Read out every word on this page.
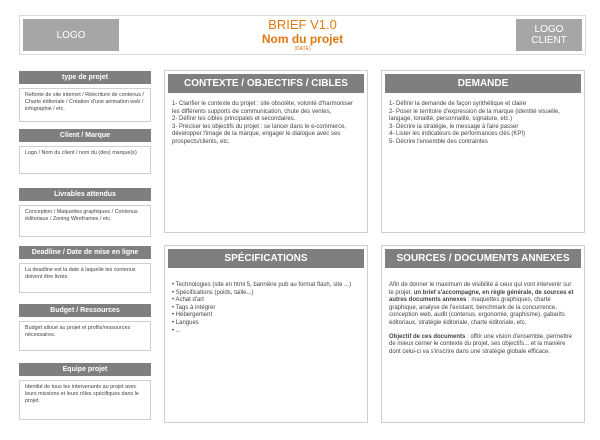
LOGO
BRIEF V1.0
Nom du projet
(DATE)
LOGO CLIENT
type de projet
Refonte de site internet / Réécriture de contenus / Charte éditoriale / Création d'une animation web / infographie / etc.
Client / Marque
Logo / Nom du client / nom du (des) marque(s)
Livrables attendus
Conception / Maquettes graphiques / Contenus éditoriaux / Zoning Wireframes / etc.
Deadline / Date de mise en ligne
La deadline est la date à laquelle les contenus doivent être livrés.
Budget / Ressources
Budget alloué au projet et profils/ressources nécessaires.
Equipe projet
Identité de tous les intervenants au projet avec leurs missions et leurs rôles spécifiques dans le projet.
CONTEXTE / OBJECTIFS / CIBLES
1- Clarifier le contexte du projet : site obsolète, volonté d'harmoniser les différents supports de communication, chute des ventes,
2- Définir les cibles principales et secondaires.
3- Préciser les objectifs du projet : se lancer dans le e-commerce, développer l'image de la marque, engager le dialogue avec ses prospects/clients, etc.
DEMANDE
1- Définir la demande de façon synthétique et claire
2- Poser le territoire d'expression de la marque (identité visuelle, langage, tonalité, personnalité, signature, etc.)
3- Décrire la stratégie, le message à faire passer
4- Lister les indicateurs de performances clés (KPI)
5- Décrire l'ensemble des contraintes
SPÉCIFICATIONS
• Technologies (site en html 5, bannière pub au format flash, site ...)
• Spécifications (poids, taille...)
• Achat d'art
• Tags à intégrer
• Hébergement
• Langues
• ...
SOURCES / DOCUMENTS ANNEXES

Afin de donner le maximum de visibilité à ceux qui vont intervenir sur le projet, un brief s'accompagne, en règle générale, de sources et autres documents annexes : maquettes graphiques, charte graphique, analyse de l'existant, benchmark de la concurrence, conception web, audit (contenus, ergonomie, graphisme), gabarits éditoriaux, stratégie éditoriale, charte éditoriale, etc.

Objectif de ces documents : offrir une vision d'ensemble, permettre de mieux cerner le contexte du projet, ses objectifs... et la manière dont celui-ci va s'inscrire dans une stratégie globale efficace.
